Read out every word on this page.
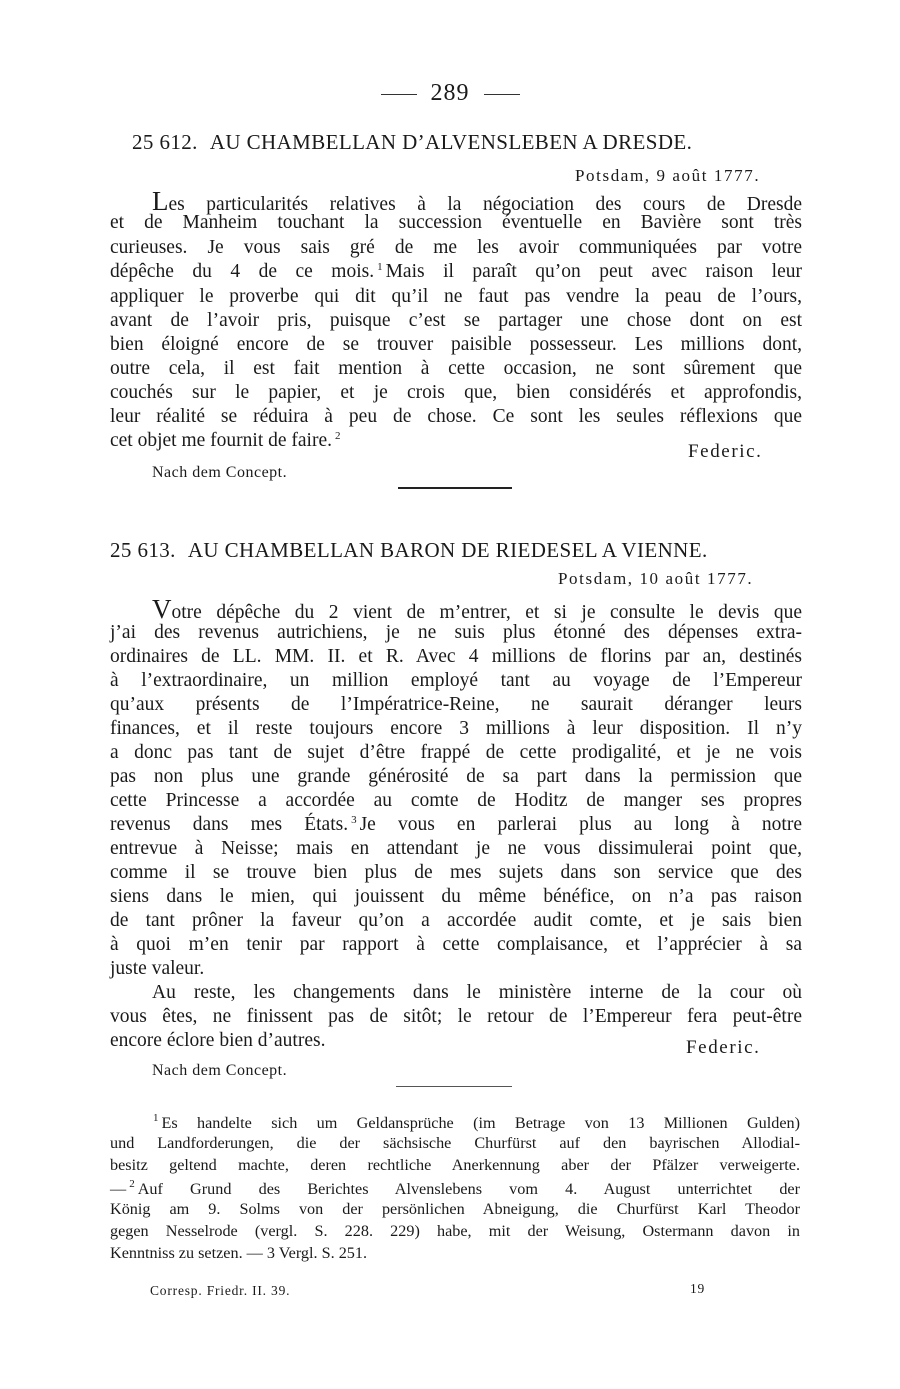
289
25 612. AU CHAMBELLAN D’ALVENSLEBEN A DRESDE.
Potsdam, 9 août 1777.
Les particularités relatives à la négociation des cours de Dresde
et de Manheim touchant la succession éventuelle en Bavière sont très
curieuses. Je vous sais gré de me les avoir communiquées par votre
dépêche du 4 de ce mois. $^1$ Mais il paraît qu’on peut avec raison leur
appliquer le proverbe qui dit qu’il ne faut pas vendre la peau de l’ours,
avant de l’avoir pris, puisque c’est se partager une chose dont on est
bien éloigné encore de se trouver paisible possesseur. Les millions dont,
outre cela, il est fait mention à cette occasion, ne sont sûrement que
couchés sur le papier, et je crois que, bien considérés et approfondis,
leur réalité se réduira à peu de chose. Ce sont les seules réflexions que
cet objet me fournit de faire. $^2$
Federic.
Nach dem Concept.
25 613. AU CHAMBELLAN BARON DE RIEDESEL A VIENNE.
Potsdam, 10 août 1777.
Votre dépêche du 2 vient de m’entrer, et si je consulte le devis que
j’ai des revenus autrichiens, je ne suis plus étonné des dépenses extra-
ordinaires de LL. MM. II. et R. Avec 4 millions de florins par an, destinés
à l’extraordinaire, un million employé tant au voyage de l’Empereur
qu’aux présents de l’Impératrice-Reine, ne saurait déranger leurs
finances, et il reste toujours encore 3 millions à leur disposition. Il n’y
a donc pas tant de sujet d’être frappé de cette prodigalité, et je ne vois
pas non plus une grande générosité de sa part dans la permission que
cette Princesse a accordée au comte de Hoditz de manger ses propres
revenus dans mes États. $^3$ Je vous en parlerai plus au long à notre
entrevue à Neisse; mais en attendant je ne vous dissimulerai point que,
comme il se trouve bien plus de mes sujets dans son service que des
siens dans le mien, qui jouissent du même bénéfice, on n’a pas raison
de tant prôner la faveur qu’on a accordée audit comte, et je sais bien
à quoi m’en tenir par rapport à cette complaisance, et l’apprécier à sa
juste valeur.
Au reste, les changements dans le ministère interne de la cour où
vous êtes, ne finissent pas de sitôt; le retour de l’Empereur fera peut-être
encore éclore bien d’autres.	Federic.
Nach dem Concept.
$^1$ Es handelte sich um Geldansprüche (im Betrage von 13 Millionen Gulden)
und Landforderungen, die der sächsische Churfürst auf den bayrischen Allodial-
besitz geltend machte, deren rechtliche Anerkennung aber der Pfälzer verweigerte.
— $^2$ Auf Grund des Berichtes Alvenslebens vom 4. August unterrichtet der
König am 9. Solms von der persönlichen Abneigung, die Churfürst Karl Theodor
gegen Nesselrode (vergl. S. 228. 229) habe, mit der Weisung, Ostermann davon in
Kenntniss zu setzen. — 3 Vergl. S. 251.
Corresp. Friedr. II. 39.	19
